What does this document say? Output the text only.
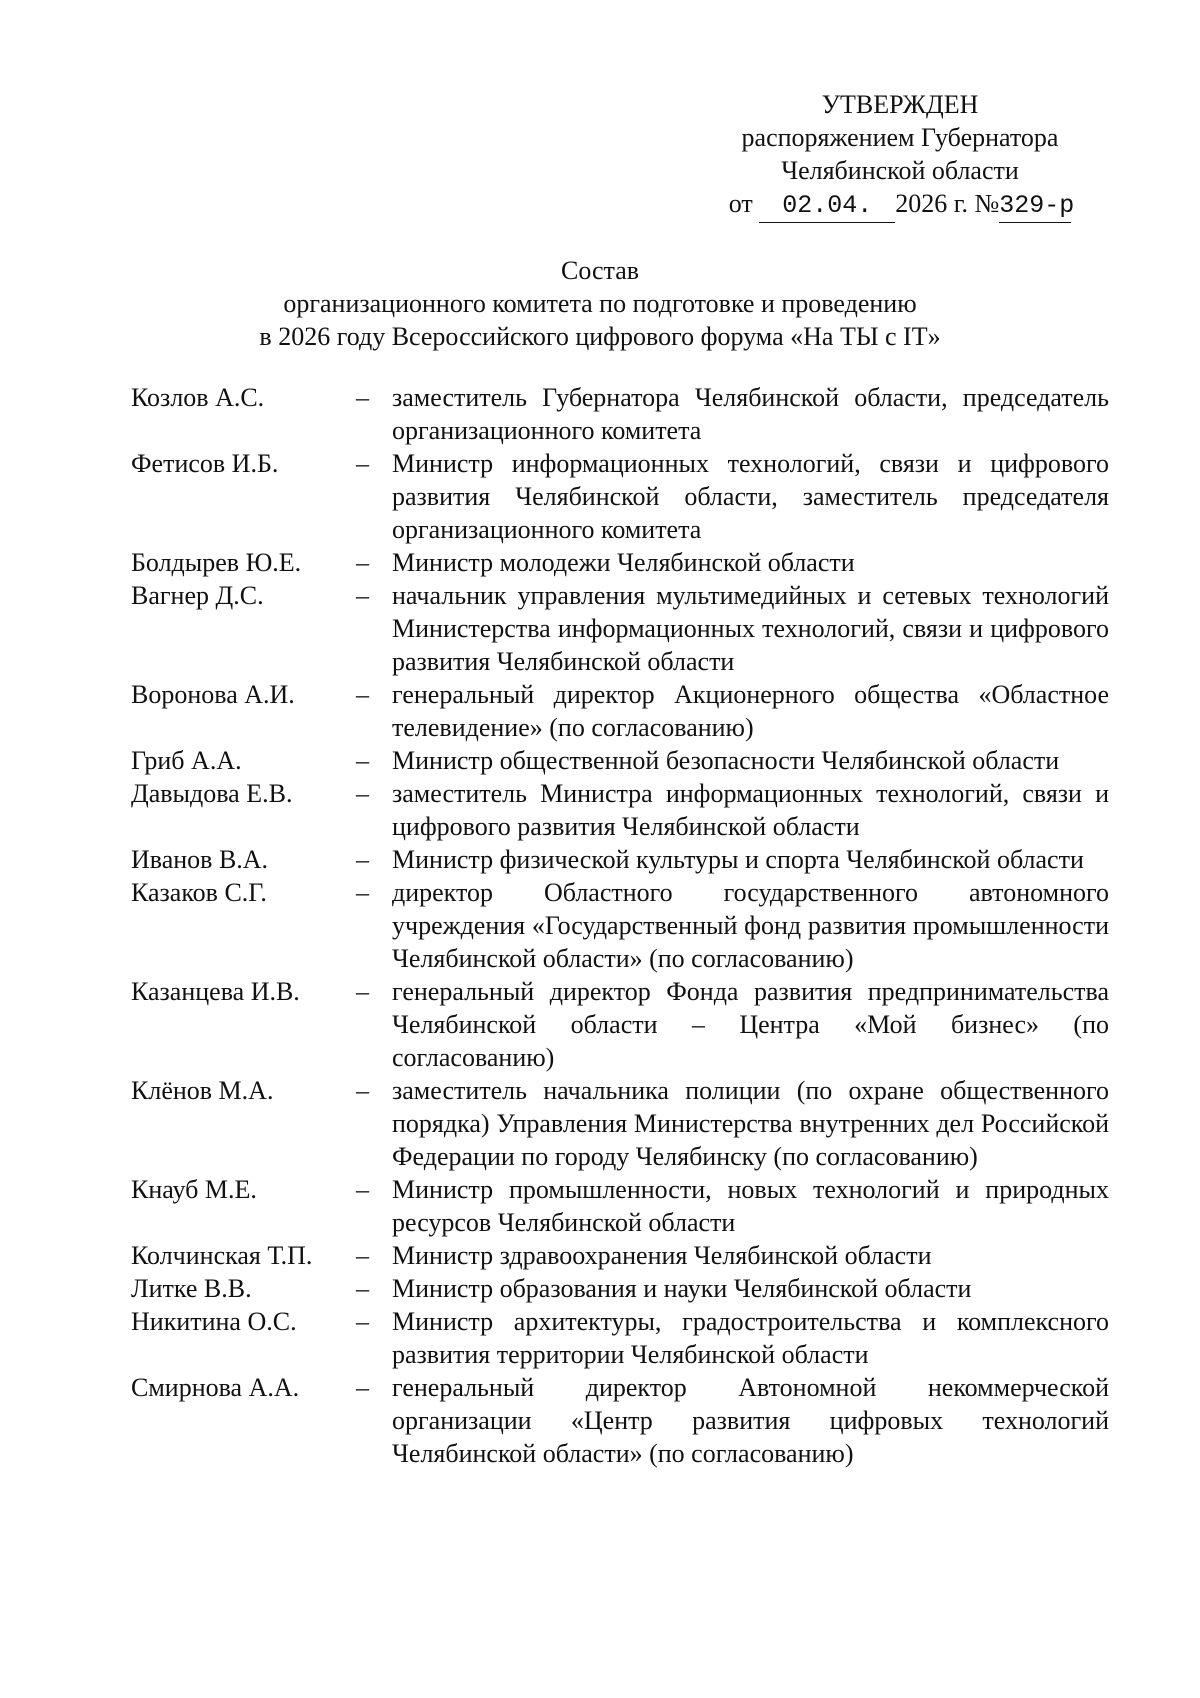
УТВЕРЖДЕН
распоряжением Губернатора
Челябинской области
от 02.04. 2026 г. №329-р
Состав
организационного комитета по подготовке и проведению
в 2026 году Всероссийского цифрового форума «На ТЫ с IT»
Козлов А.С.	– заместитель Губернатора Челябинской области, председатель организационного комитета
Фетисов И.Б.	– Министр информационных технологий, связи и цифрового развития Челябинской области, заместитель председателя организационного комитета
Болдырев Ю.Е.	– Министр молодежи Челябинской области
Вагнер Д.С.	– начальник управления мультимедийных и сетевых технологий Министерства информационных технологий, связи и цифрового развития Челябинской области
Воронова А.И.	– генеральный директор Акционерного общества «Областное телевидение» (по согласованию)
Гриб А.А.	– Министр общественной безопасности Челябинской области
Давыдова Е.В.	– заместитель Министра информационных технологий, связи и цифрового развития Челябинской области
Иванов В.А.	– Министр физической культуры и спорта Челябинской области
Казаков С.Г.	– директор Областного государственного автономного учреждения «Государственный фонд развития промышленности Челябинской области» (по согласованию)
Казанцева И.В.	– генеральный директор Фонда развития предпринимательства Челябинской области – Центра «Мой бизнес» (по согласованию)
Клёнов М.А.	– заместитель начальника полиции (по охране общественного порядка) Управления Министерства внутренних дел Российской Федерации по городу Челябинску (по согласованию)
Кнауб М.Е.	– Министр промышленности, новых технологий и природных ресурсов Челябинской области
Колчинская Т.П.	– Министр здравоохранения Челябинской области
Литке В.В.	– Министр образования и науки Челябинской области
Никитина О.С.	– Министр архитектуры, градостроительства и комплексного развития территории Челябинской области
Смирнова А.А.	– генеральный директор Автономной некоммерческой организации «Центр развития цифровых технологий Челябинской области» (по согласованию)
